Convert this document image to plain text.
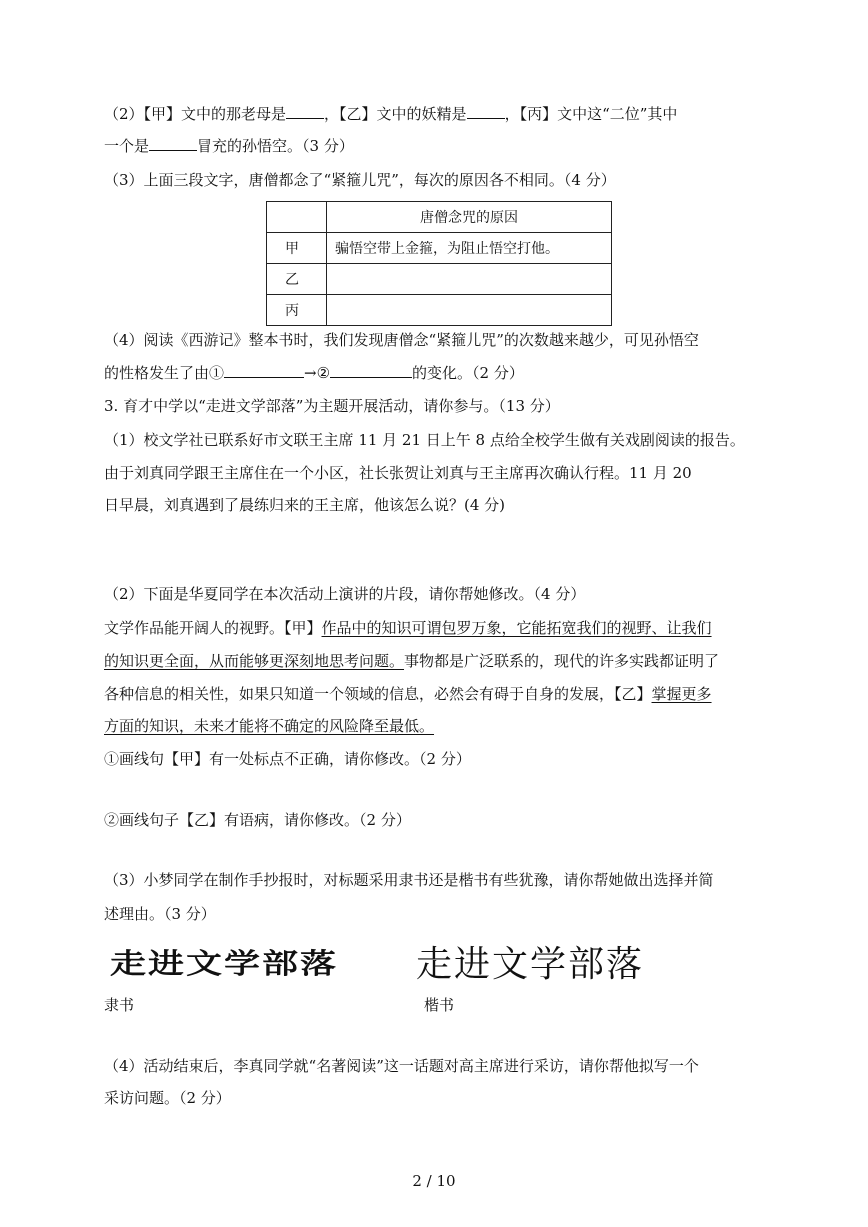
（2）【甲】文中的那老母是	，【乙】文中的妖精是	，【丙】文中这“二位”其中
一个是	冒充的孙悟空。（3 分）
（3）上面三段文字，唐僧都念了“紧箍儿咒”，每次的原因各不相同。（4 分）
	唐僧念咒的原因
甲	骗悟空带上金箍，为阻止悟空打他。
乙	
丙	
（4）阅读《西游记》整本书时，我们发现唐僧念“紧箍儿咒”的次数越来越少，可见孙悟空
的性格发生了由①	→②	的变化。（2 分）
3. 育才中学以“走进文学部落”为主题开展活动，请你参与。（13 分）
（1）校文学社已联系好市文联王主席 11 月 21 日上午 8 点给全校学生做有关戏剧阅读的报告。
由于刘真同学跟王主席住在一个小区，社长张贺让刘真与王主席再次确认行程。11 月 20
日早晨，刘真遇到了晨练归来的王主席，他该怎么说？(4 分)
（2）下面是华夏同学在本次活动上演讲的片段，请你帮她修改。（4 分）
文学作品能开阔人的视野。【甲】作品中的知识可谓包罗万象，它能拓宽我们的视野、让我们
的知识更全面，从而能够更深刻地思考问题。事物都是广泛联系的，现代的许多实践都证明了
各种信息的相关性，如果只知道一个领域的信息，必然会有碍于自身的发展，【乙】掌握更多
方面的知识，未来才能将不确定的风险降至最低。
①画线句【甲】有一处标点不正确，请你修改。（2 分）
②画线句子【乙】有语病，请你修改。（2 分）
（3）小梦同学在制作手抄报时，对标题采用隶书还是楷书有些犹豫，请你帮她做出选择并简
述理由。（3 分）
走进文学部落 走进文学部落
隶书	楷书
（4）活动结束后，李真同学就“名著阅读”这一话题对高主席进行采访，请你帮他拟写一个
采访问题。（2 分）
2 / 10
